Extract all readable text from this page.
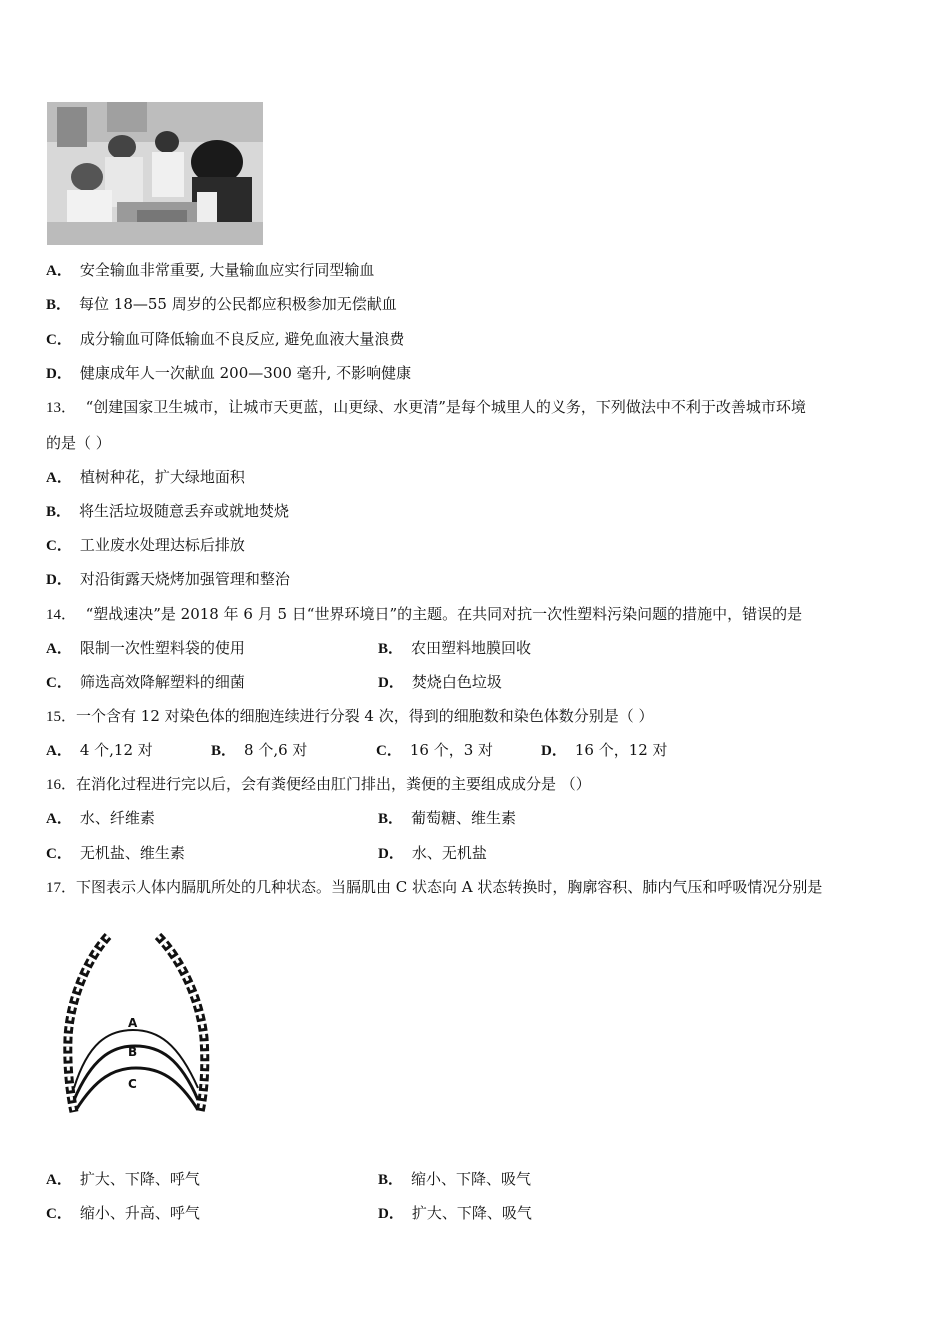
A． 安全输血非常重要, 大量输血应实行同型输血
B． 每位 18—55 周岁的公民都应积极参加无偿献血
C． 成分输血可降低输血不良反应, 避免血液大量浪费
D． 健康成年人一次献血 200—300 毫升, 不影响健康
13． “创建国家卫生城市，让城市天更蓝，山更绿、水更清”是每个城里人的义务，下列做法中不利于改善城市环境
的是（ ）
A． 植树种花，扩大绿地面积
B． 将生活垃圾随意丢弃或就地焚烧
C． 工业废水处理达标后排放
D． 对沿街露天烧烤加强管理和整治
14． “塑战速决”是 2018 年 6 月 5 日“世界环境日”的主题。在共同对抗一次性塑料污染问题的措施中，错误的是
A． 限制一次性塑料袋的使用	B． 农田塑料地膜回收
C． 筛选高效降解塑料的细菌	D． 焚烧白色垃圾
15．一个含有 12 对染色体的细胞连续进行分裂 4 次，得到的细胞数和染色体数分别是（ ）
A． 4 个,12 对	B． 8 个,6 对	C． 16 个，3 对	D． 16 个，12 对
16．在消化过程进行完以后，会有粪便经由肛门排出，粪便的主要组成成分是 （）
A． 水、纤维素	B． 葡萄糖、维生素
C． 无机盐、维生素	D． 水、无机盐
17．下图表示人体内膈肌所处的几种状态。当膈肌由 C 状态向 A 状态转换时，胸廓容积、肺内气压和呼吸情况分别是
A
B
C
A． 扩大、下降、呼气	B． 缩小、下降、吸气
C． 缩小、升高、呼气	D． 扩大、下降、吸气
